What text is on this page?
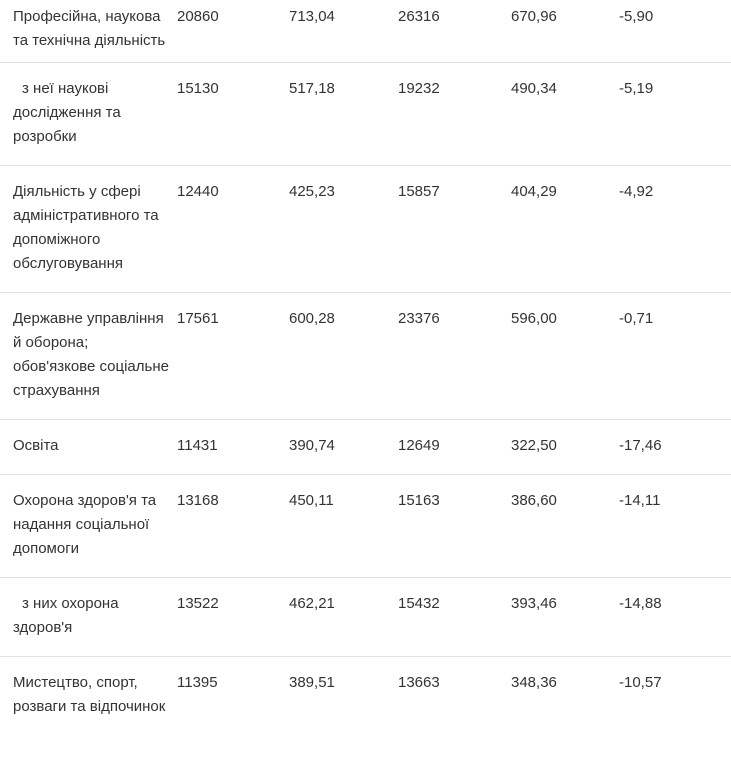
Професійна, наукова та технічна діяльність	20860	713,04	26316	670,96	-5,90
з неї наукові дослідження та розробки	15130	517,18	19232	490,34	-5,19
Діяльність у сфері адміністративного та допоміжного обслуговування	12440	425,23	15857	404,29	-4,92
Державне управління й оборона; обов'язкове соціальне страхування	17561	600,28	23376	596,00	-0,71
Освіта	11431	390,74	12649	322,50	-17,46
Охорона здоров'я та надання соціальної допомоги	13168	450,11	15163	386,60	-14,11
з них охорона здоров'я	13522	462,21	15432	393,46	-14,88
Мистецтво, спорт, розваги та відпочинок	11395	389,51	13663	348,36	-10,57
